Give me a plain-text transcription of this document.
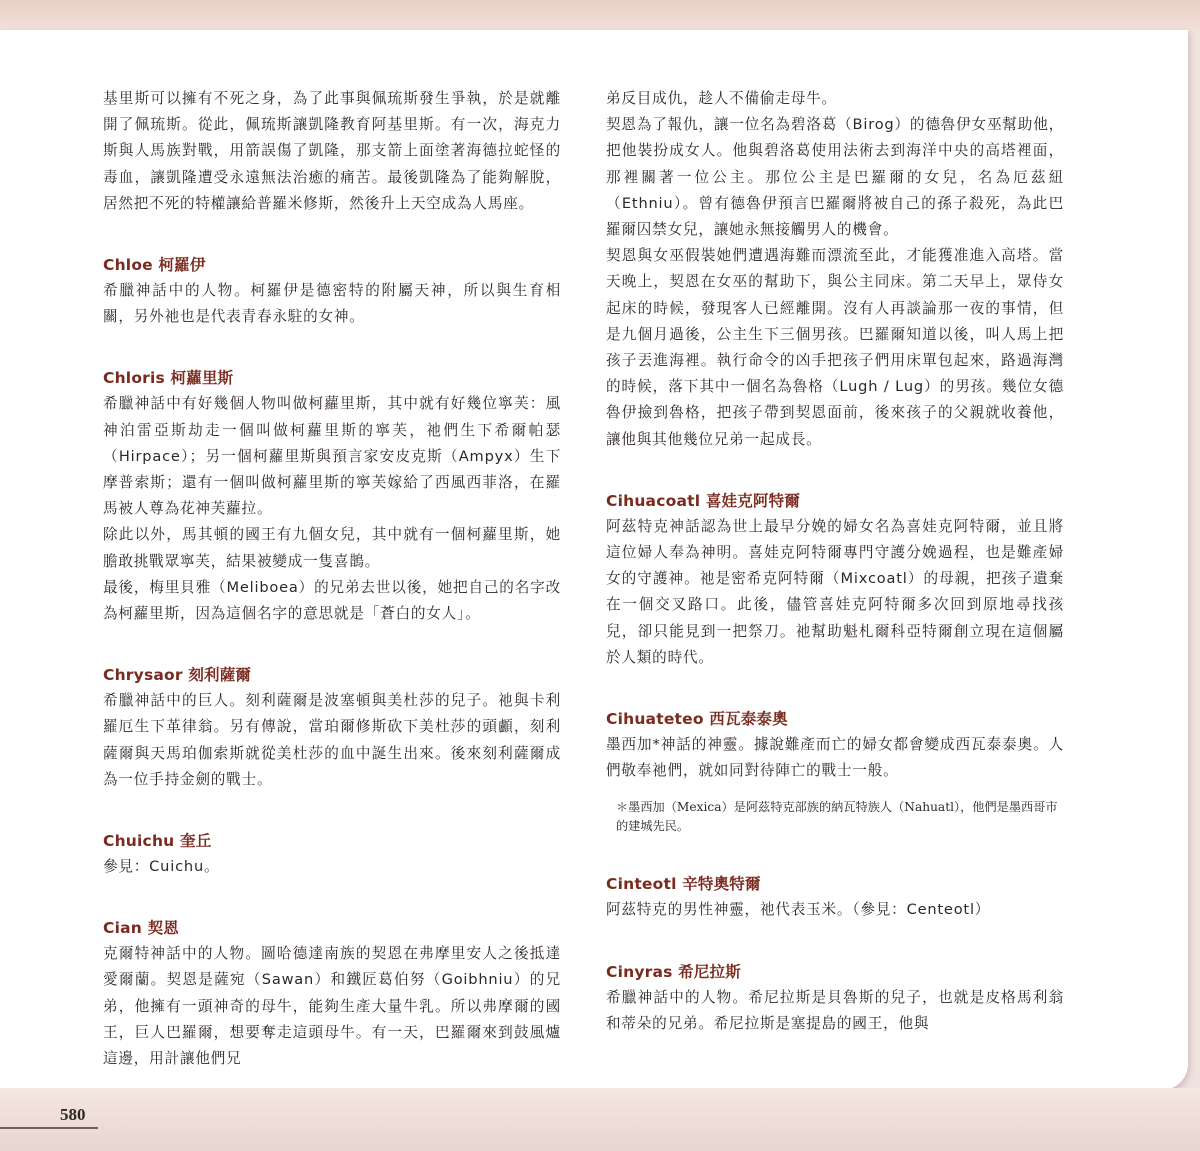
基里斯可以擁有不死之身，為了此事與佩琉斯發生爭執，於是就離開了佩琉斯。從此，佩琉斯讓凱隆教育阿基里斯。有一次，海克力斯與人馬族對戰，用箭誤傷了凱隆，那支箭上面塗著海德拉蛇怪的毒血，讓凱隆遭受永遠無法治癒的痛苦。最後凱隆為了能夠解脫，居然把不死的特權讓給普羅米修斯，然後升上天空成為人馬座。

Chloe 柯羅伊

希臘神話中的人物。柯羅伊是德密特的附屬天神，所以與生育相關，另外祂也是代表青春永駐的女神。

Chloris 柯蘿里斯

希臘神話中有好幾個人物叫做柯蘿里斯，其中就有好幾位寧芙：風神泊雷亞斯劫走一個叫做柯蘿里斯的寧芙，祂們生下希爾帕瑟（Hirpace）；另一個柯蘿里斯與預言家安皮克斯（Ampyx）生下摩普索斯；還有一個叫做柯蘿里斯的寧芙嫁給了西風西菲洛，在羅馬被人尊為花神芙蘿拉。

除此以外，馬其頓的國王有九個女兒，其中就有一個柯蘿里斯，她膽敢挑戰眾寧芙，結果被變成一隻喜鵲。

最後，梅里貝雅（Meliboea）的兄弟去世以後，她把自己的名字改為柯蘿里斯，因為這個名字的意思就是「蒼白的女人」。

Chrysaor 刻利薩爾

希臘神話中的巨人。刻利薩爾是波塞頓與美杜莎的兒子。祂與卡利羅厄生下革律翁。另有傳說，當珀爾修斯砍下美杜莎的頭顱，刻利薩爾與天馬珀伽索斯就從美杜莎的血中誕生出來。後來刻利薩爾成為一位手持金劍的戰士。

Chuichu 奎丘

參見：Cuichu。

Cian 契恩

克爾特神話中的人物。圖哈德達南族的契恩在弗摩里安人之後抵達愛爾蘭。契恩是薩宛（Sawan）和鐵匠葛伯努（Goibhniu）的兄弟，他擁有一頭神奇的母牛，能夠生產大量牛乳。所以弗摩爾的國王，巨人巴羅爾，想要奪走這頭母牛。有一天，巴羅爾來到鼓風爐這邊，用計讓他們兄

弟反目成仇，趁人不備偷走母牛。

契恩為了報仇，讓一位名為碧洛葛（Birog）的德魯伊女巫幫助他，把他裝扮成女人。他與碧洛葛使用法術去到海洋中央的高塔裡面，那裡關著一位公主。那位公主是巴羅爾的女兒，名為厄茲紐（Ethniu）。曾有德魯伊預言巴羅爾將被自己的孫子殺死，為此巴羅爾囚禁女兒，讓她永無接觸男人的機會。

契恩與女巫假裝她們遭遇海難而漂流至此，才能獲准進入高塔。當天晚上，契恩在女巫的幫助下，與公主同床。第二天早上，眾侍女起床的時候，發現客人已經離開。沒有人再談論那一夜的事情，但是九個月過後，公主生下三個男孩。巴羅爾知道以後，叫人馬上把孩子丟進海裡。執行命令的凶手把孩子們用床單包起來，路過海灣的時候，落下其中一個名為魯格（Lugh / Lug）的男孩。幾位女德魯伊撿到魯格，把孩子帶到契恩面前，後來孩子的父親就收養他，讓他與其他幾位兄弟一起成長。

Cihuacoatl 喜娃克阿特爾

阿茲特克神話認為世上最早分娩的婦女名為喜娃克阿特爾，並且將這位婦人奉為神明。喜娃克阿特爾專門守護分娩過程，也是難產婦女的守護神。祂是密希克阿特爾（Mixcoatl）的母親，把孩子遺棄在一個交叉路口。此後，儘管喜娃克阿特爾多次回到原地尋找孩兒，卻只能見到一把祭刀。祂幫助魁札爾科亞特爾創立現在這個屬於人類的時代。

Cihuateteo 西瓦泰泰奧

墨西加*神話的神靈。據說難產而亡的婦女都會變成西瓦泰泰奧。人們敬奉祂們，就如同對待陣亡的戰士一般。

＊墨西加（Mexica）是阿茲特克部族的納瓦特族人（Nahuatl），他們是墨西哥市的建城先民。

Cinteotl 辛特奧特爾

阿茲特克的男性神靈，祂代表玉米。（參見：Centeotl）

Cinyras 希尼拉斯

希臘神話中的人物。希尼拉斯是貝魯斯的兒子，也就是皮格馬利翁和蒂朵的兄弟。希尼拉斯是塞提島的國王，他與

580
